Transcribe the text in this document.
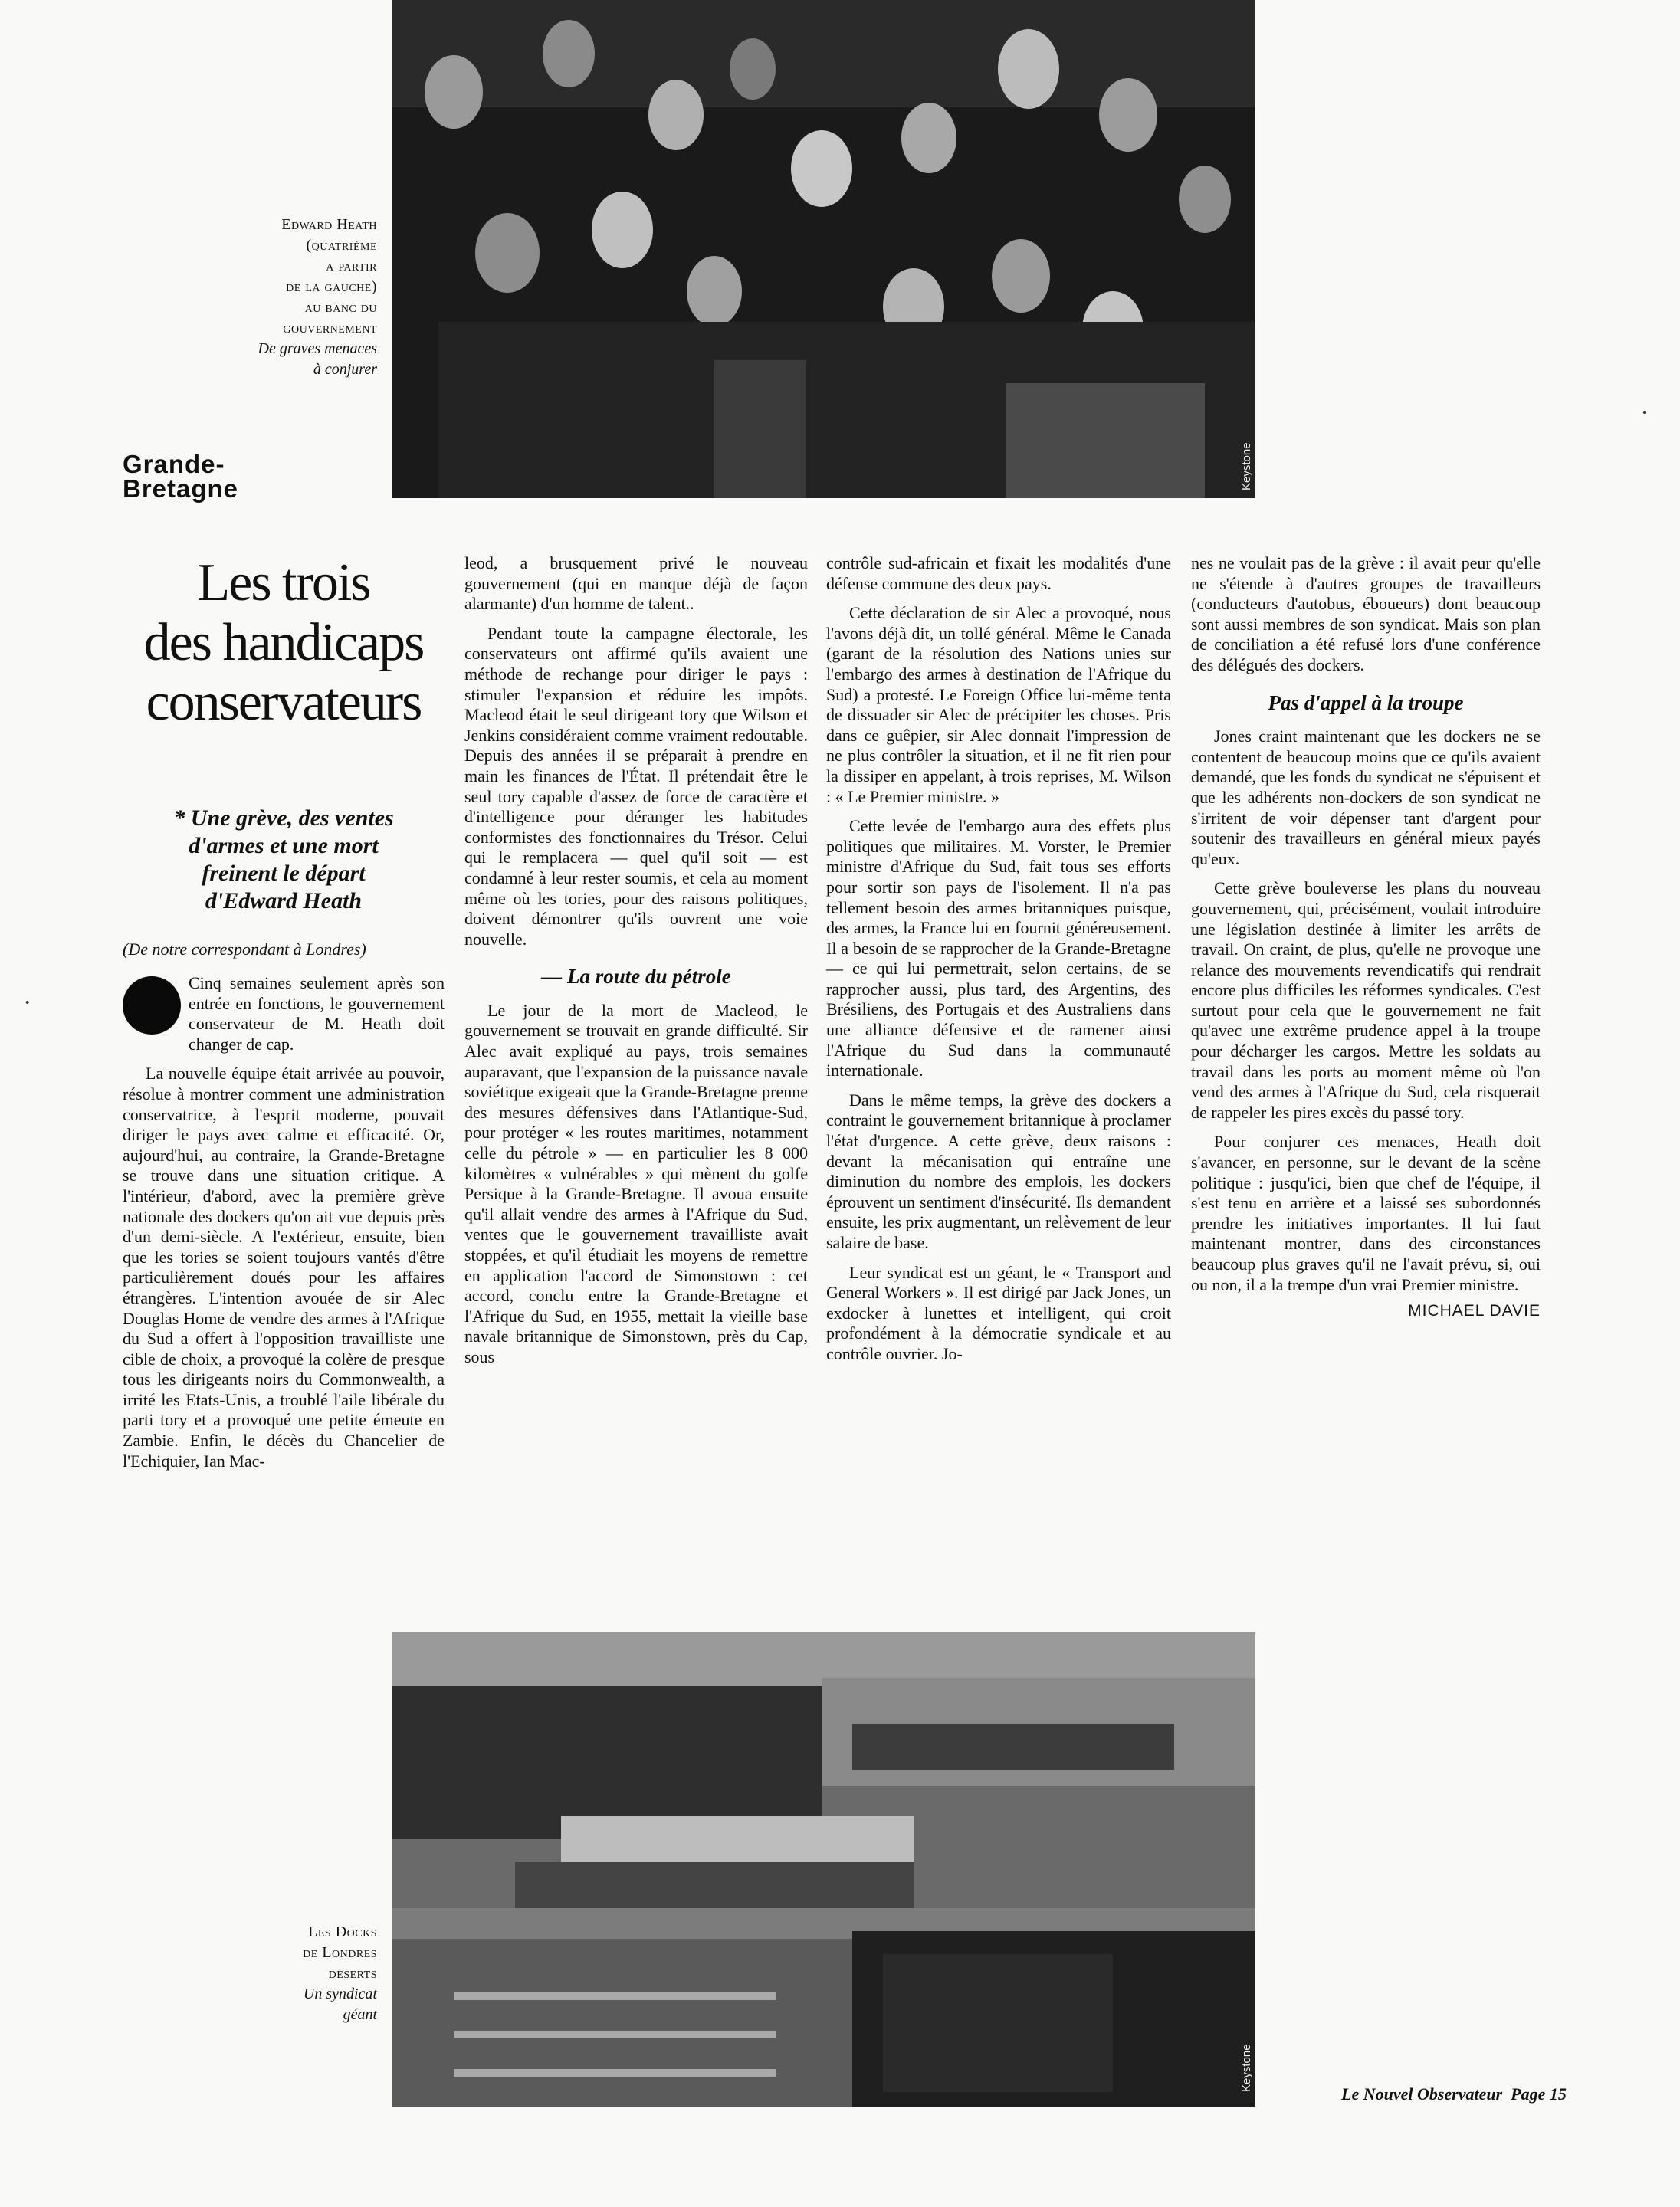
Keystone
Edward Heath
(quatrième
a partir
de la gauche)
au banc du
gouvernement
De graves menaces
à conjurer
Grande-
Bretagne
Les trois
des handicaps
conservateurs
* Une grève, des ventes
d'armes et une mort
freinent le départ
d'Edward Heath
(De notre correspondant à Londres)

Cinq semaines seulement après son entrée en fonctions, le gouvernement conservateur de M. Heath doit changer de cap.

La nouvelle équipe était arrivée au pouvoir, résolue à montrer comment une administration conservatrice, à l'esprit moderne, pouvait diriger le pays avec calme et efficacité. Or, aujourd'hui, au contraire, la Grande-Bretagne se trouve dans une situation critique. A l'intérieur, d'abord, avec la première grève nationale des dockers qu'on ait vue depuis près d'un demi-siècle. A l'extérieur, ensuite, bien que les tories se soient toujours vantés d'être particulièrement doués pour les affaires étrangères. L'intention avouée de sir Alec Douglas Home de vendre des armes à l'Afrique du Sud a offert à l'opposition travailliste une cible de choix, a provoqué la colère de presque tous les dirigeants noirs du Commonwealth, a irrité les Etats-Unis, a troublé l'aile libérale du parti tory et a provoqué une petite émeute en Zambie. Enfin, le décès du Chancelier de l'Echiquier, Ian Mac-

leod, a brusquement privé le nouveau gouvernement (qui en manque déjà de façon alarmante) d'un homme de talent..

Pendant toute la campagne électorale, les conservateurs ont affirmé qu'ils avaient une méthode de rechange pour diriger le pays : stimuler l'expansion et réduire les impôts. Macleod était le seul dirigeant tory que Wilson et Jenkins considéraient comme vraiment redoutable. Depuis des années il se préparait à prendre en main les finances de l'État. Il prétendait être le seul tory capable d'assez de force de caractère et d'intelligence pour déranger les habitudes conformistes des fonctionnaires du Trésor. Celui qui le remplacera — quel qu'il soit — est condamné à leur rester soumis, et cela au moment même où les tories, pour des raisons politiques, doivent démontrer qu'ils ouvrent une voie nouvelle.

— La route du pétrole

Le jour de la mort de Macleod, le gouvernement se trouvait en grande difficulté. Sir Alec avait expliqué au pays, trois semaines auparavant, que l'expansion de la puissance navale soviétique exigeait que la Grande-Bretagne prenne des mesures défensives dans l'Atlantique-Sud, pour protéger « les routes maritimes, notamment celle du pétrole » — en particulier les 8 000 kilomètres « vulnérables » qui mènent du golfe Persique à la Grande-Bretagne. Il avoua ensuite qu'il allait vendre des armes à l'Afrique du Sud, ventes que le gouvernement travailliste avait stoppées, et qu'il étudiait les moyens de remettre en application l'accord de Simonstown : cet accord, conclu entre la Grande-Bretagne et l'Afrique du Sud, en 1955, mettait la vieille base navale britannique de Simonstown, près du Cap, sous

contrôle sud-africain et fixait les modalités d'une défense commune des deux pays.

Cette déclaration de sir Alec a provoqué, nous l'avons déjà dit, un tollé général. Même le Canada (garant de la résolution des Nations unies sur l'embargo des armes à destination de l'Afrique du Sud) a protesté. Le Foreign Office lui-même tenta de dissuader sir Alec de précipiter les choses. Pris dans ce guêpier, sir Alec donnait l'impression de ne plus contrôler la situation, et il ne fit rien pour la dissiper en appelant, à trois reprises, M. Wilson : « Le Premier ministre. »

Cette levée de l'embargo aura des effets plus politiques que militaires. M. Vorster, le Premier ministre d'Afrique du Sud, fait tous ses efforts pour sortir son pays de l'isolement. Il n'a pas tellement besoin des armes britanniques puisque, des armes, la France lui en fournit généreusement. Il a besoin de se rapprocher de la Grande-Bretagne — ce qui lui permettrait, selon certains, de se rapprocher aussi, plus tard, des Argentins, des Brésiliens, des Portugais et des Australiens dans une alliance défensive et de ramener ainsi l'Afrique du Sud dans la communauté internationale.

Dans le même temps, la grève des dockers a contraint le gouvernement britannique à proclamer l'état d'urgence. A cette grève, deux raisons : devant la mécanisation qui entraîne une diminution du nombre des emplois, les dockers éprouvent un sentiment d'insécurité. Ils demandent ensuite, les prix augmentant, un relèvement de leur salaire de base.

Leur syndicat est un géant, le « Transport and General Workers ». Il est dirigé par Jack Jones, un exdocker à lunettes et intelligent, qui croit profondément à la démocratie syndicale et au contrôle ouvrier. Jo-

nes ne voulait pas de la grève : il avait peur qu'elle ne s'étende à d'autres groupes de travailleurs (conducteurs d'autobus, éboueurs) dont beaucoup sont aussi membres de son syndicat. Mais son plan de conciliation a été refusé lors d'une conférence des délégués des dockers.

Pas d'appel à la troupe

Jones craint maintenant que les dockers ne se contentent de beaucoup moins que ce qu'ils avaient demandé, que les fonds du syndicat ne s'épuisent et que les adhérents non-dockers de son syndicat ne s'irritent de voir dépenser tant d'argent pour soutenir des travailleurs en général mieux payés qu'eux.

Cette grève bouleverse les plans du nouveau gouvernement, qui, précisément, voulait introduire une législation destinée à limiter les arrêts de travail. On craint, de plus, qu'elle ne provoque une relance des mouvements revendicatifs qui rendrait encore plus difficiles les réformes syndicales. C'est surtout pour cela que le gouvernement ne fait qu'avec une extrême prudence appel à la troupe pour décharger les cargos. Mettre les soldats au travail dans les ports au moment même où l'on vend des armes à l'Afrique du Sud, cela risquerait de rappeler les pires excès du passé tory.

Pour conjurer ces menaces, Heath doit s'avancer, en personne, sur le devant de la scène politique : jusqu'ici, bien que chef de l'équipe, il s'est tenu en arrière et a laissé ses subordonnés prendre les initiatives importantes. Il lui faut maintenant montrer, dans des circonstances beaucoup plus graves qu'il ne l'avait prévu, si, oui ou non, il a la trempe d'un vrai Premier ministre.

MICHAEL DAVIE
Keystone
Les Docks
de Londres
déserts
Un syndicat
géant
Le Nouvel Observateur  Page 15
·
·
